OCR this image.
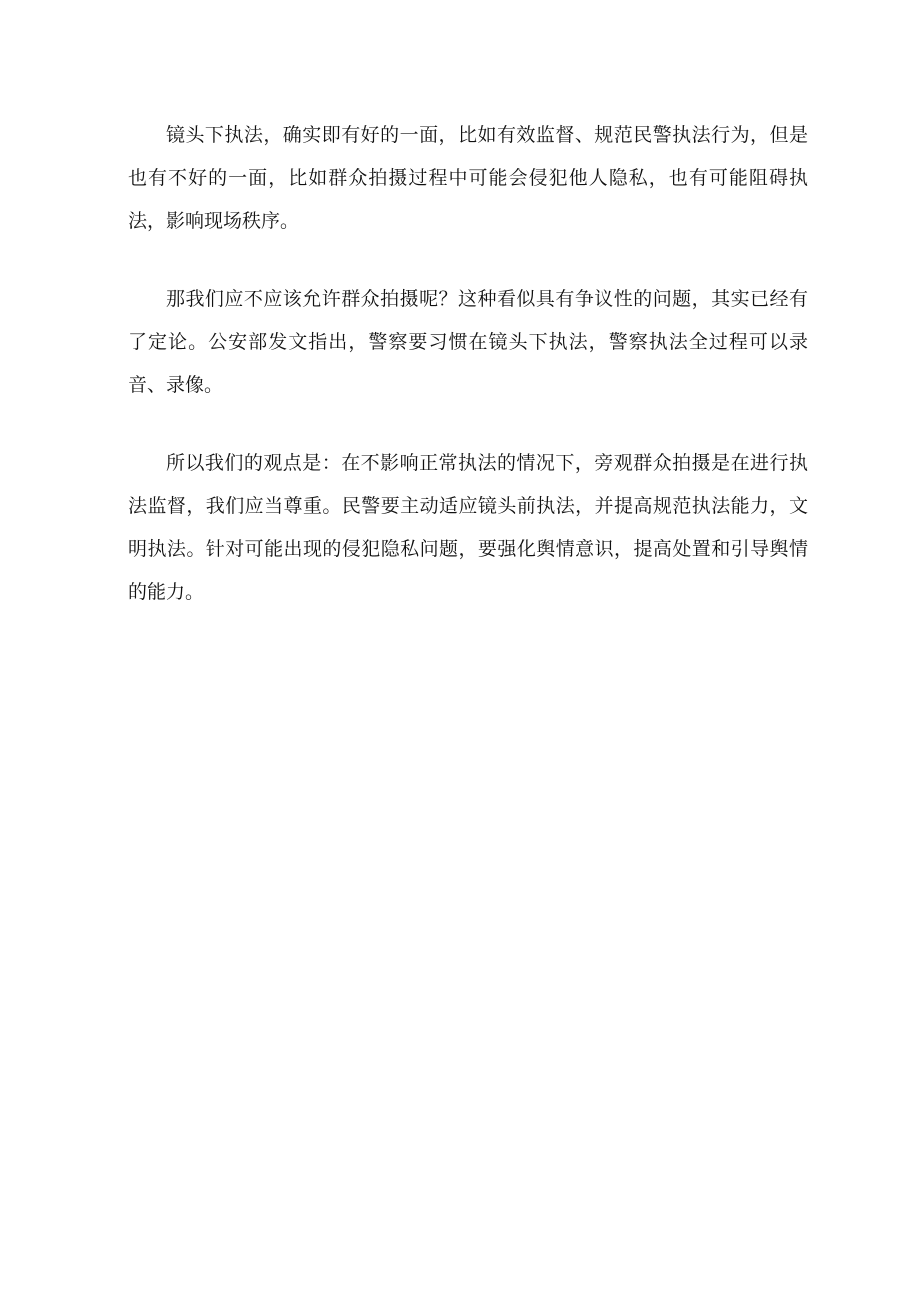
镜头下执法，确实即有好的一面，比如有效监督、规范民警执法行为，但是也有不好的一面，比如群众拍摄过程中可能会侵犯他人隐私，也有可能阻碍执法，影响现场秩序。

那我们应不应该允许群众拍摄呢？这种看似具有争议性的问题，其实已经有了定论。公安部发文指出，警察要习惯在镜头下执法，警察执法全过程可以录音、录像。

所以我们的观点是：在不影响正常执法的情况下，旁观群众拍摄是在进行执法监督，我们应当尊重。民警要主动适应镜头前执法，并提高规范执法能力，文明执法。针对可能出现的侵犯隐私问题，要强化舆情意识，提高处置和引导舆情的能力。
